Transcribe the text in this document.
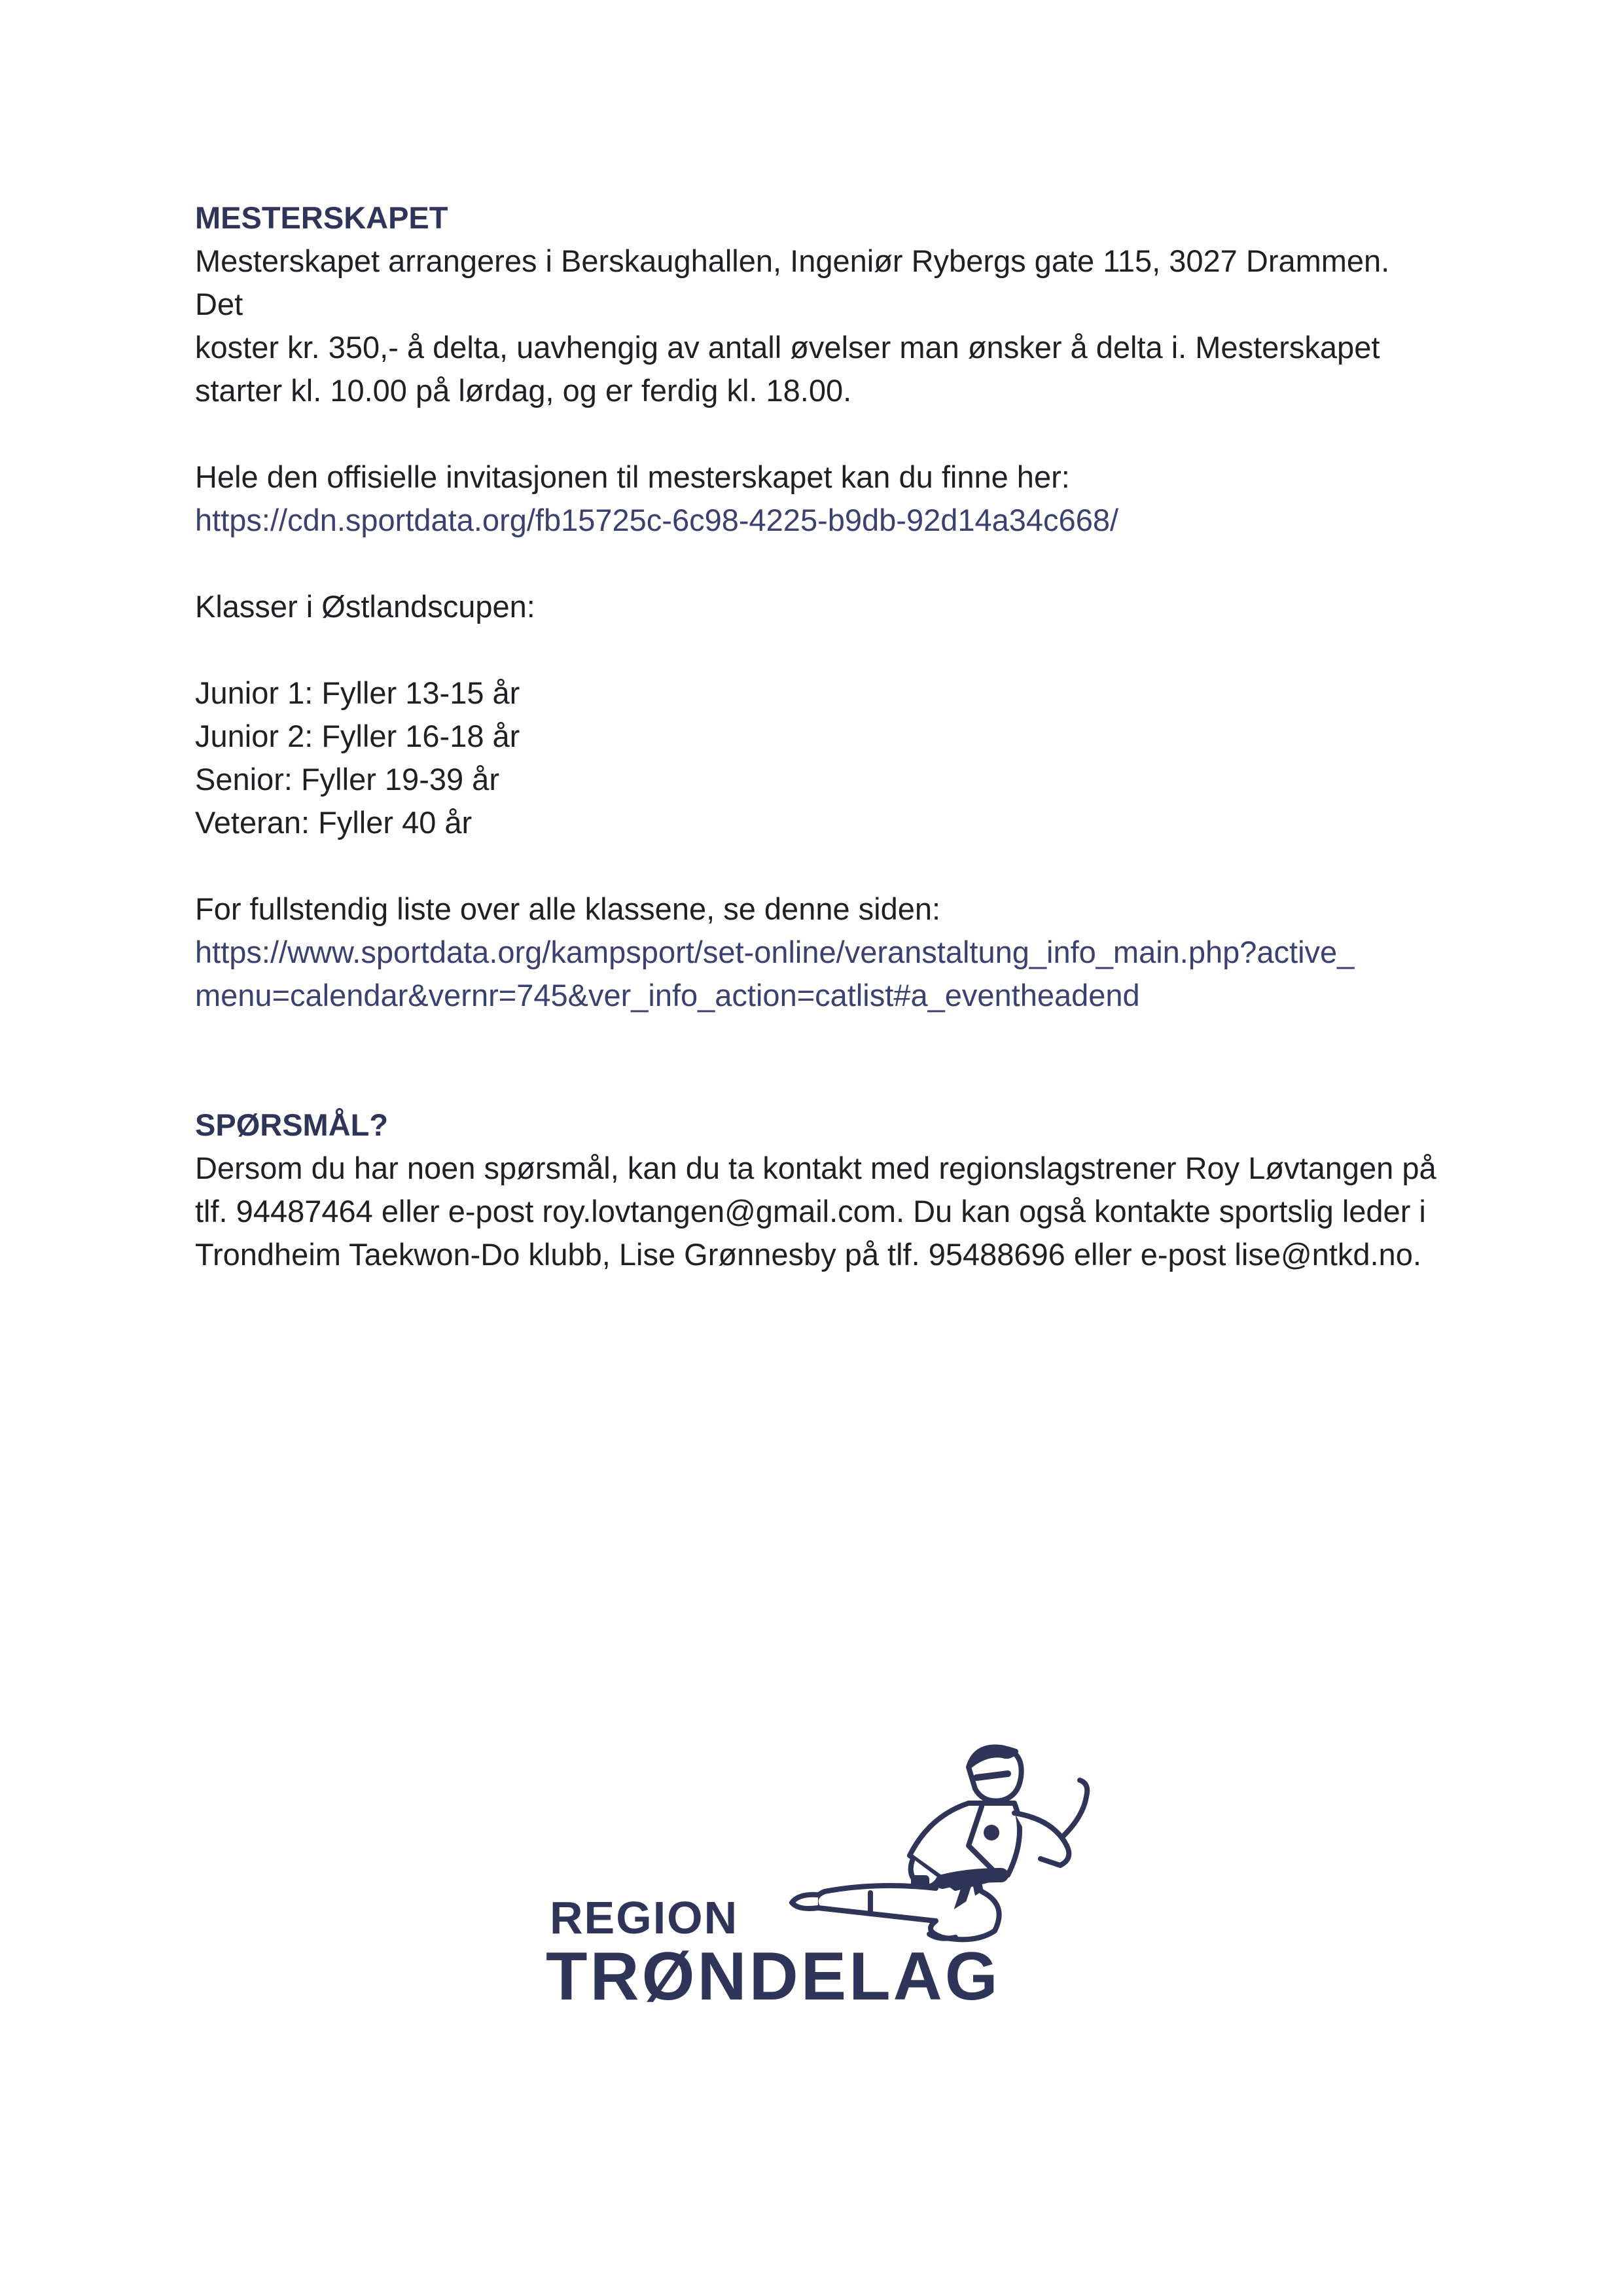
MESTERSKAPET
Mesterskapet arrangeres i Berskaughallen, Ingeniør Rybergs gate 115, 3027 Drammen. Det
koster kr. 350,- å delta, uavhengig av antall øvelser man ønsker å delta i. Mesterskapet
starter kl. 10.00 på lørdag, og er ferdig kl. 18.00.
Hele den offisielle invitasjonen til mesterskapet kan du finne her:
https://cdn.sportdata.org/fb15725c-6c98-4225-b9db-92d14a34c668/
Klasser i Østlandscupen:
Junior 1: Fyller 13-15 år
Junior 2: Fyller 16-18 år
Senior: Fyller 19-39 år
Veteran: Fyller 40 år
For fullstendig liste over alle klassene, se denne siden:
https://www.sportdata.org/kampsport/set-online/veranstaltung_info_main.php?active_
menu=calendar&vernr=745&ver_info_action=catlist#a_eventheadend
SPØRSMÅL?
Dersom du har noen spørsmål, kan du ta kontakt med regionslagstrener Roy Løvtangen på
tlf. 94487464 eller e-post roy.lovtangen@gmail.com. Du kan også kontakte sportslig leder i
Trondheim Taekwon-Do klubb, Lise Grønnesby på tlf. 95488696 eller e-post lise@ntkd.no.
REGION
TRØNDELAG
